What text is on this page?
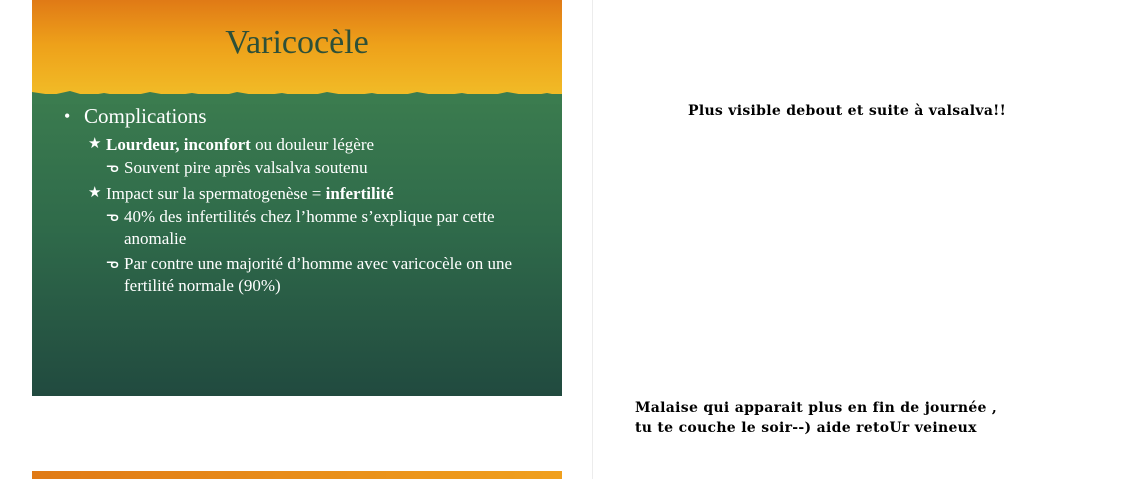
Varicocèle
• Complications
★ Lourdeur, inconfort ou douleur légère
ᓀ Souvent pire après valsalva soutenu
★ Impact sur la spermatogenèse = infertilité
ᓀ 40% des infertilités chez l’homme s’explique par cette anomalie
ᓀ Par contre une majorité d’homme avec varicocèle on une fertilité normale (90%)
Plus visible debout et suite à valsalva!!
Malaise qui apparait plus en fin de journée ,
tu te couche le soir--) aide retoUr veineux
